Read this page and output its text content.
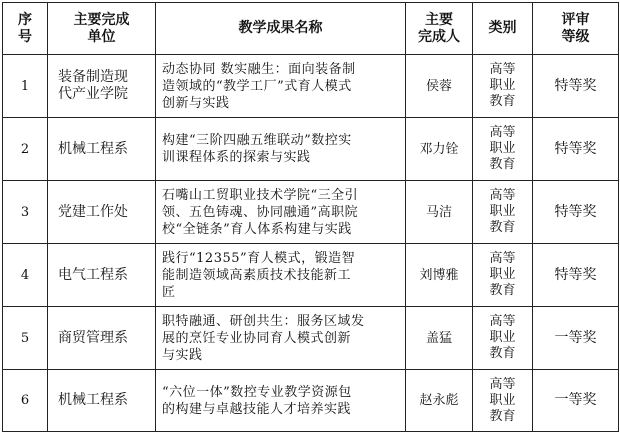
序
号	主要完成
单位	教学成果名称	主要
完成人	类别	评审
等级

1	装备制造现
代产业学院	动态协同 数实融生：面向装备制
造领域的“教学工厂”式育人模式
创新与实践	侯蓉	高等
职业
教育	特等奖
2	机械工程系	构建“三阶四融五维联动”数控实
训课程体系的探索与实践	邓力铨	高等
职业
教育	特等奖
3	党建工作处	石嘴山工贸职业技术学院“三全引
领、五色铸魂、协同融通”高职院
校“全链条”育人体系构建与实践	马洁	高等
职业
教育	特等奖
4	电气工程系	践行“12355”育人模式，锻造智
能制造领域高素质技术技能新工
匠	刘博雅	高等
职业
教育	特等奖
5	商贸管理系	职特融通、研创共生：服务区域发
展的烹饪专业协同育人模式创新
与实践	盖猛	高等
职业
教育	一等奖
6	机械工程系	“六位一体”数控专业教学资源包
的构建与卓越技能人才培养实践	赵永彪	高等
职业
教育	一等奖
